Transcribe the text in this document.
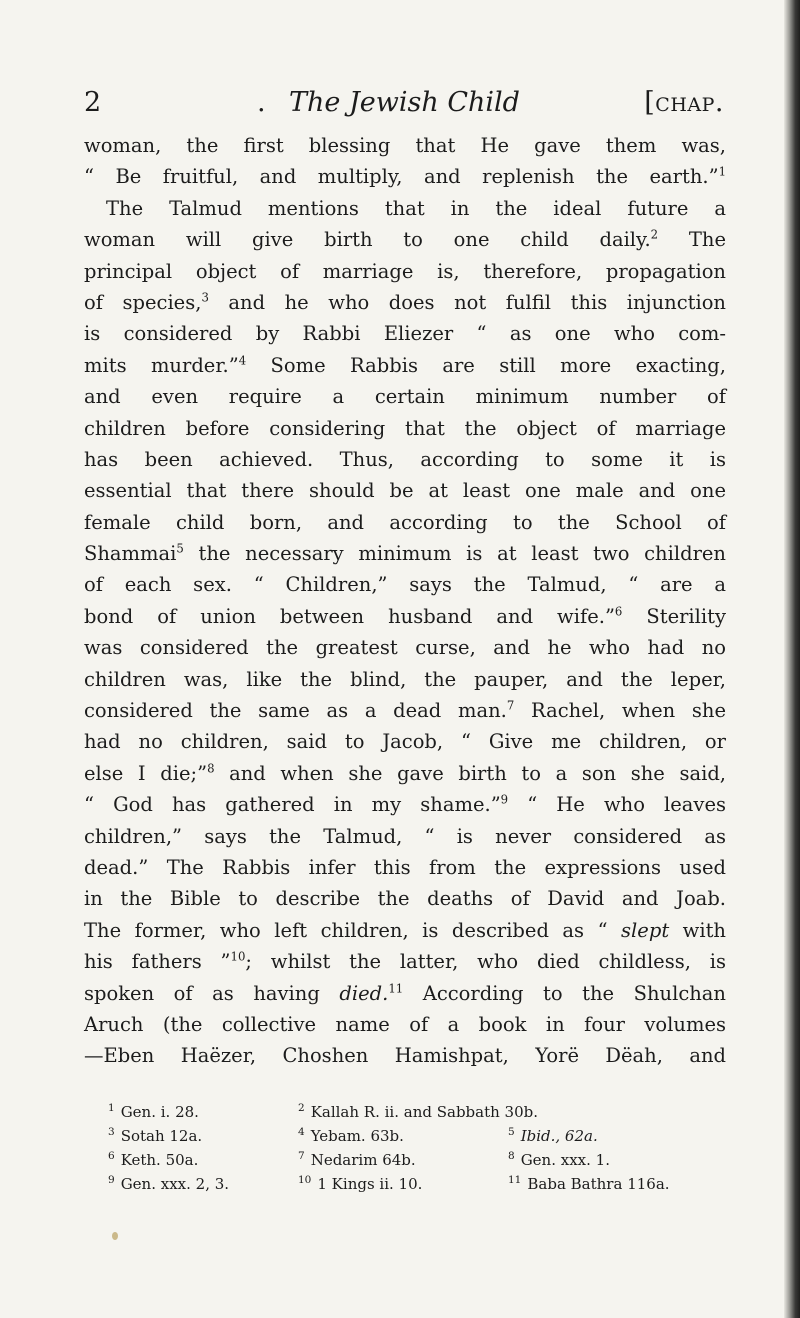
2	. The Jewish Child	[chap.
woman, the first blessing that He gave them was,
“ Be fruitful, and multiply, and replenish the earth.”$^1$
The Talmud mentions that in the ideal future a
woman will give birth to one child daily.$^2$ The
principal object of marriage is, therefore, propagation
of species,$^3$ and he who does not fulfil this injunction
is considered by Rabbi Eliezer “ as one who com-
mits murder.”$^4$ Some Rabbis are still more exacting,
and even require a certain minimum number of
children before considering that the object of marriage
has been achieved. Thus, according to some it is
essential that there should be at least one male and one
female child born, and according to the School of
Shammai$^5$ the necessary minimum is at least two children
of each sex. “ Children,” says the Talmud, “ are a
bond of union between husband and wife.”$^6$ Sterility
was considered the greatest curse, and he who had no
children was, like the blind, the pauper, and the leper,
considered the same as a dead man.$^7$ Rachel, when she
had no children, said to Jacob, “ Give me children, or
else I die;”$^8$ and when she gave birth to a son she said,
“ God has gathered in my shame.”$^9$ “ He who leaves
children,” says the Talmud, “ is never considered as
dead.” The Rabbis infer this from the expressions used
in the Bible to describe the deaths of David and Joab.
The former, who left children, is described as “ slept with
his fathers ”$^{10}$; whilst the latter, who died childless, is
spoken of as having died.$^{11}$ According to the Shulchan
Aruch (the collective name of a book in four volumes
—Eben Haëzer, Choshen Hamishpat, Yorë Dëah, and
$^1$ Gen. i. 28.	$^2$ Kallah R. ii. and Sabbath 30b.
$^3$ Sotah 12a.	$^4$ Yebam. 63b.	$^5$ Ibid., 62a.
$^6$ Keth. 50a.	$^7$ Nedarim 64b.	$^8$ Gen. xxx. 1.
$^9$ Gen. xxx. 2, 3.	$^{10}$ 1 Kings ii. 10.	$^{11}$ Baba Bathra 116a.
